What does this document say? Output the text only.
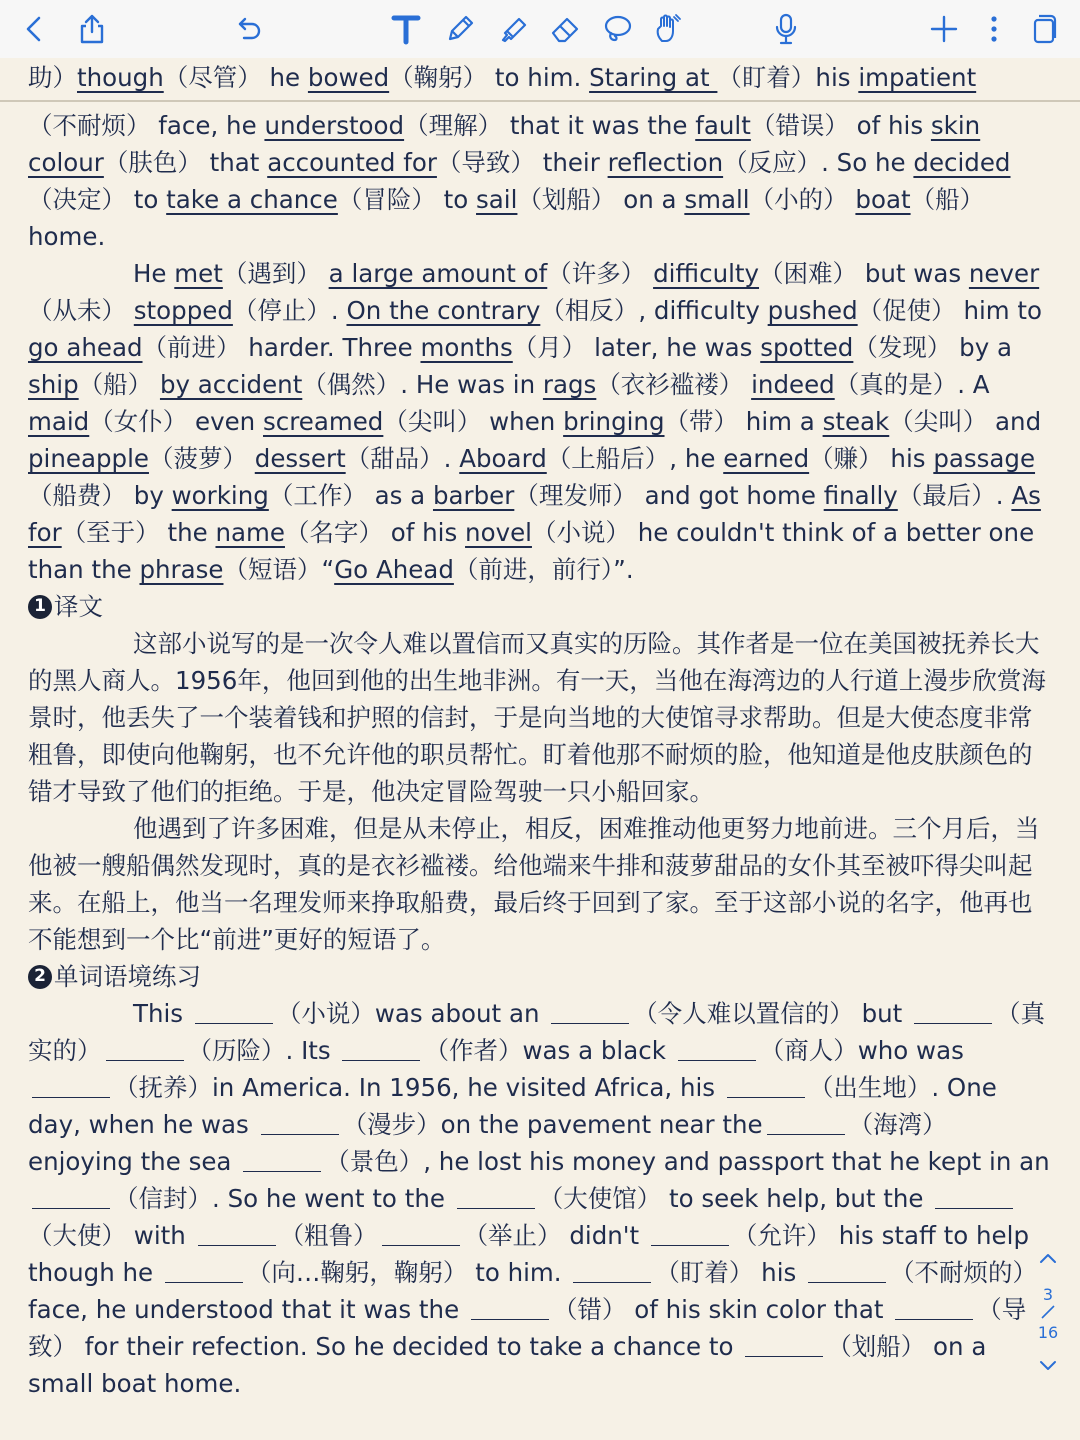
助）though（尽管） he bowed（鞠躬） to him. Staring at （盯着）his impatient

（不耐烦） face, he understood（理解） that it was the fault（错误） of his skin colour（肤色） that accounted for（导致） their reflection（反应）. So he decided（决定） to take a chance（冒险） to sail（划船） on a small（小的） boat（船） home.

He met（遇到） a large amount of（许多） difficulty（困难） but was never（从未） stopped（停止）. On the contrary（相反）, difficulty pushed（促使） him to go ahead（前进） harder. Three months（月） later, he was spotted（发现） by a ship（船） by accident（偶然）. He was in rags（衣衫褴褛） indeed（真的是）. A maid（女仆） even screamed（尖叫） when bringing（带） him a steak（尖叫） and pineapple（菠萝） dessert（甜品）. Aboard（上船后）, he earned（赚） his passage（船费） by working（工作） as a barber（理发师） and got home finally（最后）. As for（至于） the name（名字） of his novel（小说） he couldn't think of a better one than the phrase（短语）“Go Ahead（前进，前行）”.

1 译文

这部小说写的是一次令人难以置信而又真实的历险。其作者是一位在美国被抚养长大的黑人商人。1956年，他回到他的出生地非洲。有一天，当他在海湾边的人行道上漫步欣赏海景时，他丢失了一个装着钱和护照的信封，于是向当地的大使馆寻求帮助。但是大使态度非常粗鲁，即使向他鞠躬，也不允许他的职员帮忙。盯着他那不耐烦的脸，他知道是他皮肤颜色的错才导致了他们的拒绝。于是，他决定冒险驾驶一只小船回家。

他遇到了许多困难，但是从未停止，相反，困难推动他更努力地前进。三个月后，当他被一艘船偶然发现时，真的是衣衫褴褛。给他端来牛排和菠萝甜品的女仆其至被吓得尖叫起来。在船上，他当一名理发师来挣取船费，最后终于回到了家。至于这部小说的名字，他再也不能想到一个比“前进”更好的短语了。

2 单词语境练习

This	（小说）was about an	（令人难以置信的） but	（真实的）	（历险）. Its	（作者）was a black	（商人）who was （抚养）in America. In 1956, he visited Africa, his	（出生地）. One day, when he was	（漫步）on the pavement near the	（海湾） enjoying the sea	（景色）, he lost his money and passport that he kept in an （信封）. So he went to the	（大使馆） to seek help, but the （大使） with	（粗鲁）	（举止） didn't	（允许） his staff to help though he	（向…鞠躬，鞠躬） to him.	（盯着） his	（不耐烦的） face, he understood that it was the	（错） of his skin color that	（导致） for their refection. So he decided to take a chance to	（划船） on a small boat home.

3
16
